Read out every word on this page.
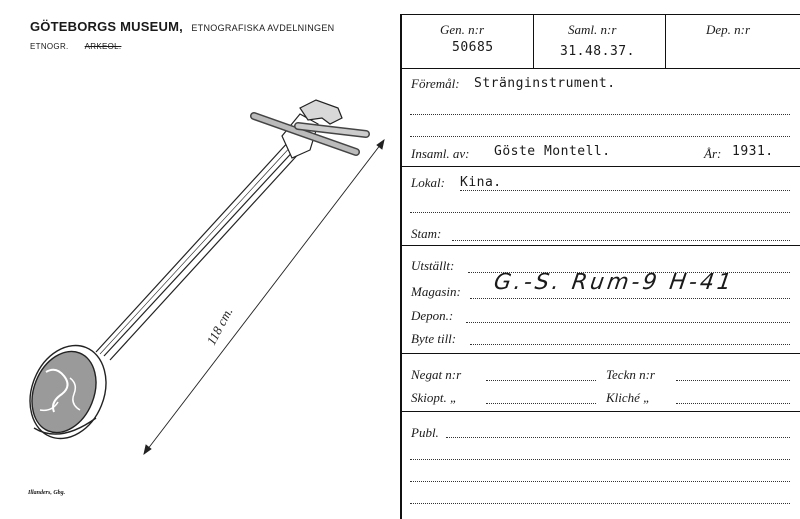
GÖTEBORGS MUSEUM, ETNOGRAFISKA AVDELNINGEN
ETNOGR. ARKEOL.
118 cm.
Illanders, Gbg.
Gen. n:r
50685
Saml. n:r
31.48.37.
Dep. n:r
Föremål: Stränginstrument.
Insaml. av: Göste Montell.	År: 1931.
Lokal: Kina.
Stam:
Utställt:
Magasin: G.-S. Rum-9 H-41
Depon.:
Byte till:
Negat n:r	Teckn n:r
Skiopt. „	Kliché „
Publ.
